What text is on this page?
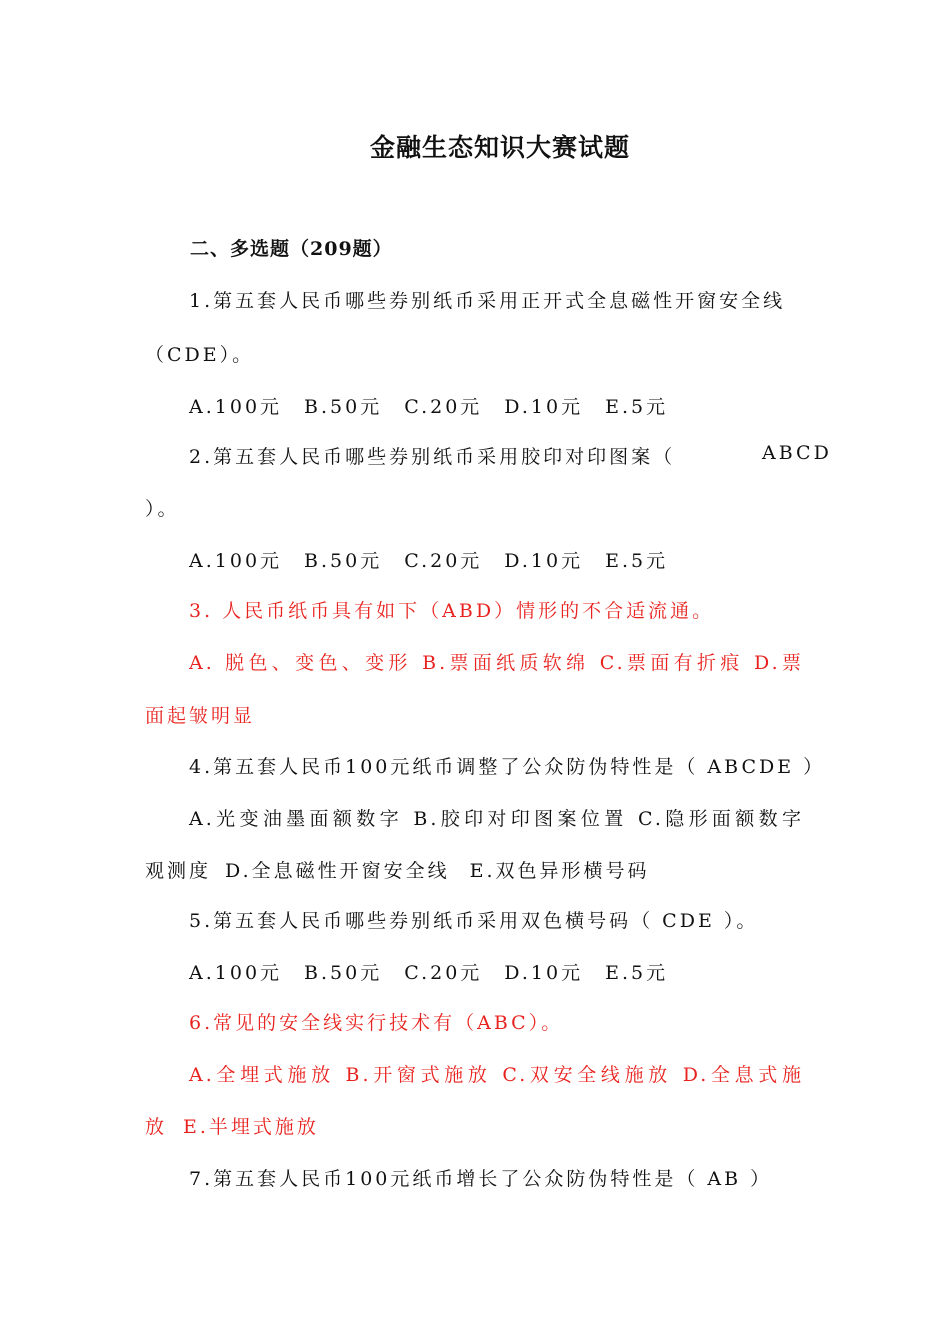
金融生态知识大赛试题
二、多选题（209题）
1.第五套人民币哪些券别纸币采用正开式全息磁性开窗安全线
（CDE）。
A.100元 B.50元 C.20元 D.10元 E.5元
2.第五套人民币哪些券别纸币采用胶印对印图案（	ABCD
）。
A.100元 B.50元 C.20元 D.10元 E.5元
3. 人民币纸币具有如下（ABD）情形的不合适流通。
A. 脱色、变色、变形 B.票面纸质软绵 C.票面有折痕 D.票
面起皱明显
4.第五套人民币100元纸币调整了公众防伪特性是（ ABCDE ）
A.光变油墨面额数字 B.胶印对印图案位置 C.隐形面额数字
观测度 D.全息磁性开窗安全线 E.双色异形横号码
5.第五套人民币哪些券别纸币采用双色横号码（ CDE ）。
A.100元 B.50元 C.20元 D.10元 E.5元
6.常见的安全线实行技术有（ABC）。
A.全埋式施放 B.开窗式施放 C.双安全线施放 D.全息式施
放 E.半埋式施放
7.第五套人民币100元纸币增长了公众防伪特性是（ AB ）
